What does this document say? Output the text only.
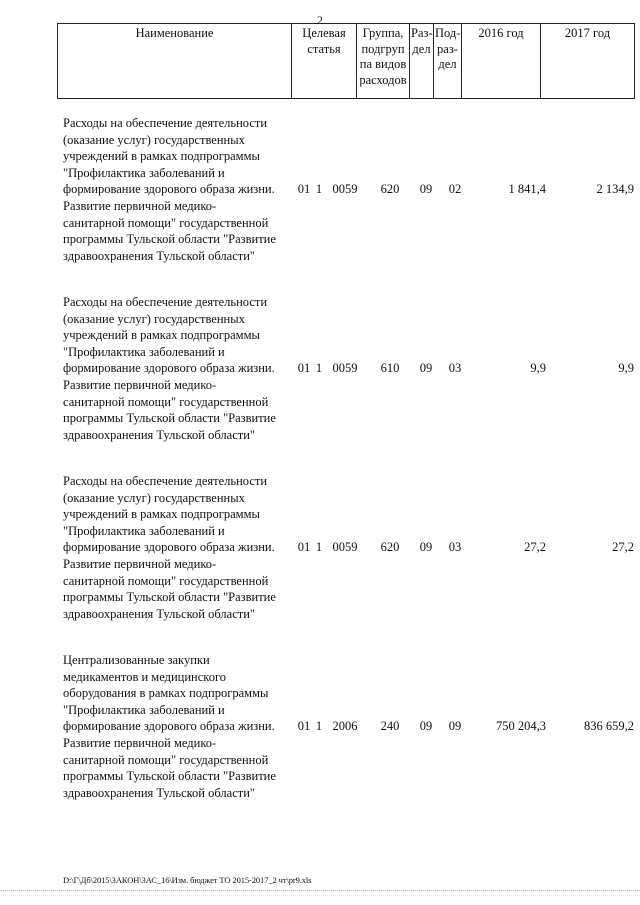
2
Наименование	Целевая статья	Группа, подгруп па видов расходов	Раз- дел	Под- раз- дел	2016 год	2017 год
Расходы на обеспечение деятельности
(оказание услуг) государственных
учреждений в рамках подпрограммы
"Профилактика заболеваний и
формирование здорового образа жизни.
Развитие первичной медико-
санитарной помощи" государственной
программы Тульской области "Развитие
здравоохранения Тульской области"
01 1 0059	620	09	02	1 841,4	2 134,9
Расходы на обеспечение деятельности
(оказание услуг) государственных
учреждений в рамках подпрограммы
"Профилактика заболеваний и
формирование здорового образа жизни.
Развитие первичной медико-
санитарной помощи" государственной
программы Тульской области "Развитие
здравоохранения Тульской области"
01 1 0059	610	09	03	9,9	9,9
Расходы на обеспечение деятельности
(оказание услуг) государственных
учреждений в рамках подпрограммы
"Профилактика заболеваний и
формирование здорового образа жизни.
Развитие первичной медико-
санитарной помощи" государственной
программы Тульской области "Развитие
здравоохранения Тульской области"
01 1 0059	620	09	03	27,2	27,2
Централизованные закупки
медикаментов и медицинского
оборудования в рамках подпрограммы
"Профилактика заболеваний и
формирование здорового образа жизни.
Развитие первичной медико-
санитарной помощи" государственной
программы Тульской области "Развитие
здравоохранения Тульской области"
01 1 2006	240	09	09	750 204,3	836 659,2
D:\Г\Дб\2015\ЗАКОН\ЗАС_16\Изм. бюджет ТО 2015-2017_2 чт\pr9.xls
